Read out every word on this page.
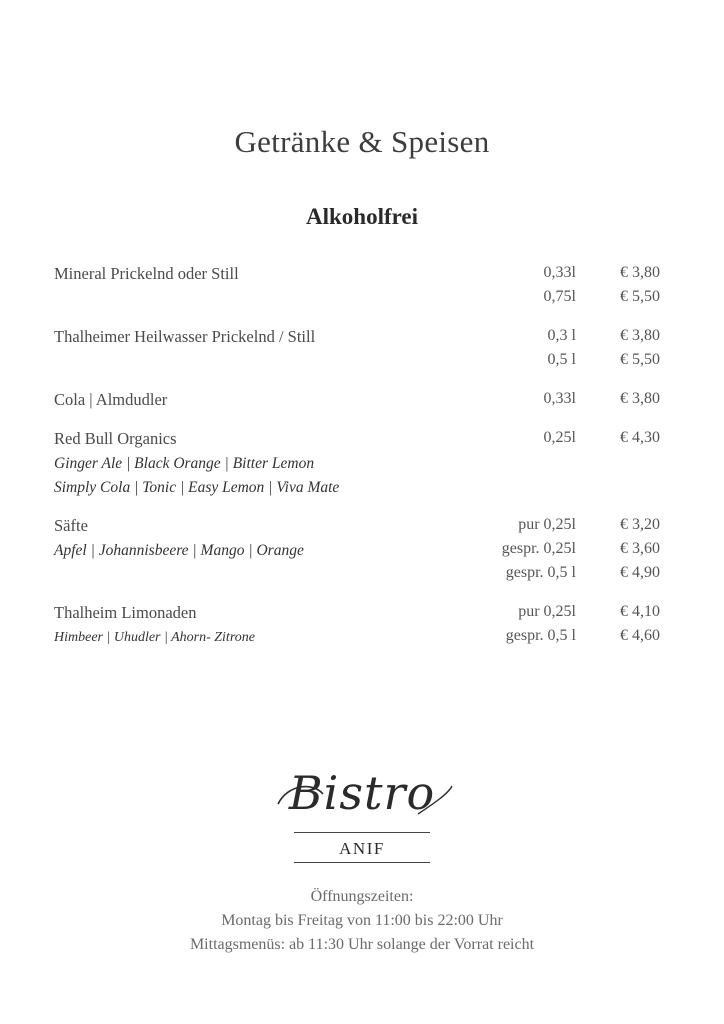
Getränke & Speisen
Alkoholfrei
Mineral Prickelnd oder Still	0,33l	€ 3,80
0,75l	€ 5,50
Thalheimer Heilwasser Prickelnd / Still	0,3 l	€ 3,80
0,5 l	€ 5,50
Cola | Almdudler	0,33l	€ 3,80
Red Bull Organics	0,25l	€ 4,30
Ginger Ale | Black Orange | Bitter Lemon
Simply Cola | Tonic | Easy Lemon | Viva Mate
Säfte	pur 0,25l	€ 3,20
Apfel | Johannisbeere | Mango | Orange	gespr. 0,25l	€ 3,60
gespr. 0,5 l	€ 4,90
Thalheim Limonaden	pur 0,25l	€ 4,10
Himbeer | Uhudler | Ahorn- Zitrone	gespr. 0,5 l	€ 4,60
Bistro
ANIF
Öffnungszeiten:
Montag bis Freitag von 11:00 bis 22:00 Uhr
Mittagsmenüs: ab 11:30 Uhr solange der Vorrat reicht
